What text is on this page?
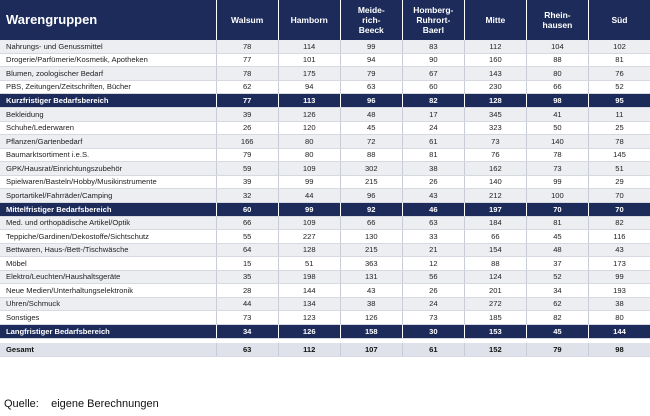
Warengruppen	Walsum	Hamborn	Meide-
rich-
Beeck	Homberg-
Ruhrort-
Baerl	Mitte	Rhein-
hausen	Süd
Nahrungs- und Genussmittel	78	114	99	83	112	104	102
Drogerie/Parfümerie/Kosmetik, Apotheken	77	101	94	90	160	88	81
Blumen, zoologischer Bedarf	78	175	79	67	143	80	76
PBS, Zeitungen/Zeitschriften, Bücher	62	94	63	60	230	66	52
Kurzfristiger Bedarfsbereich	77	113	96	82	128	98	95
Bekleidung	39	126	48	17	345	41	11
Schuhe/Lederwaren	26	120	45	24	323	50	25
Pflanzen/Gartenbedarf	166	80	72	61	73	140	78
Baumarktsortiment i.e.S.	79	80	88	81	76	78	145
GPK/Hausrat/Einrichtungszubehör	59	109	302	38	162	73	51
Spielwaren/Basteln/Hobby/Musikinstrumente	39	99	215	26	140	99	29
Sportartikel/Fahrräder/Camping	32	44	96	43	212	100	70
Mittelfristiger Bedarfsbereich	60	99	92	46	197	70	70
Med. und orthopädische Artikel/Optik	66	109	66	63	184	81	82
Teppiche/Gardinen/Dekostoffe/Sichtschutz	55	227	130	33	66	45	116
Bettwaren, Haus-/Bett-/Tischwäsche	64	128	215	21	154	48	43
Möbel	15	51	363	12	88	37	173
Elektro/Leuchten/Haushaltsgeräte	35	198	131	56	124	52	99
Neue Medien/Unterhaltungselektronik	28	144	43	26	201	34	193
Uhren/Schmuck	44	134	38	24	272	62	38
Sonstiges	73	123	126	73	185	82	80
Langfristiger Bedarfsbereich	34	126	158	30	153	45	144

Gesamt	63	112	107	61	152	79	98
Quelle:    eigene Berechnungen
